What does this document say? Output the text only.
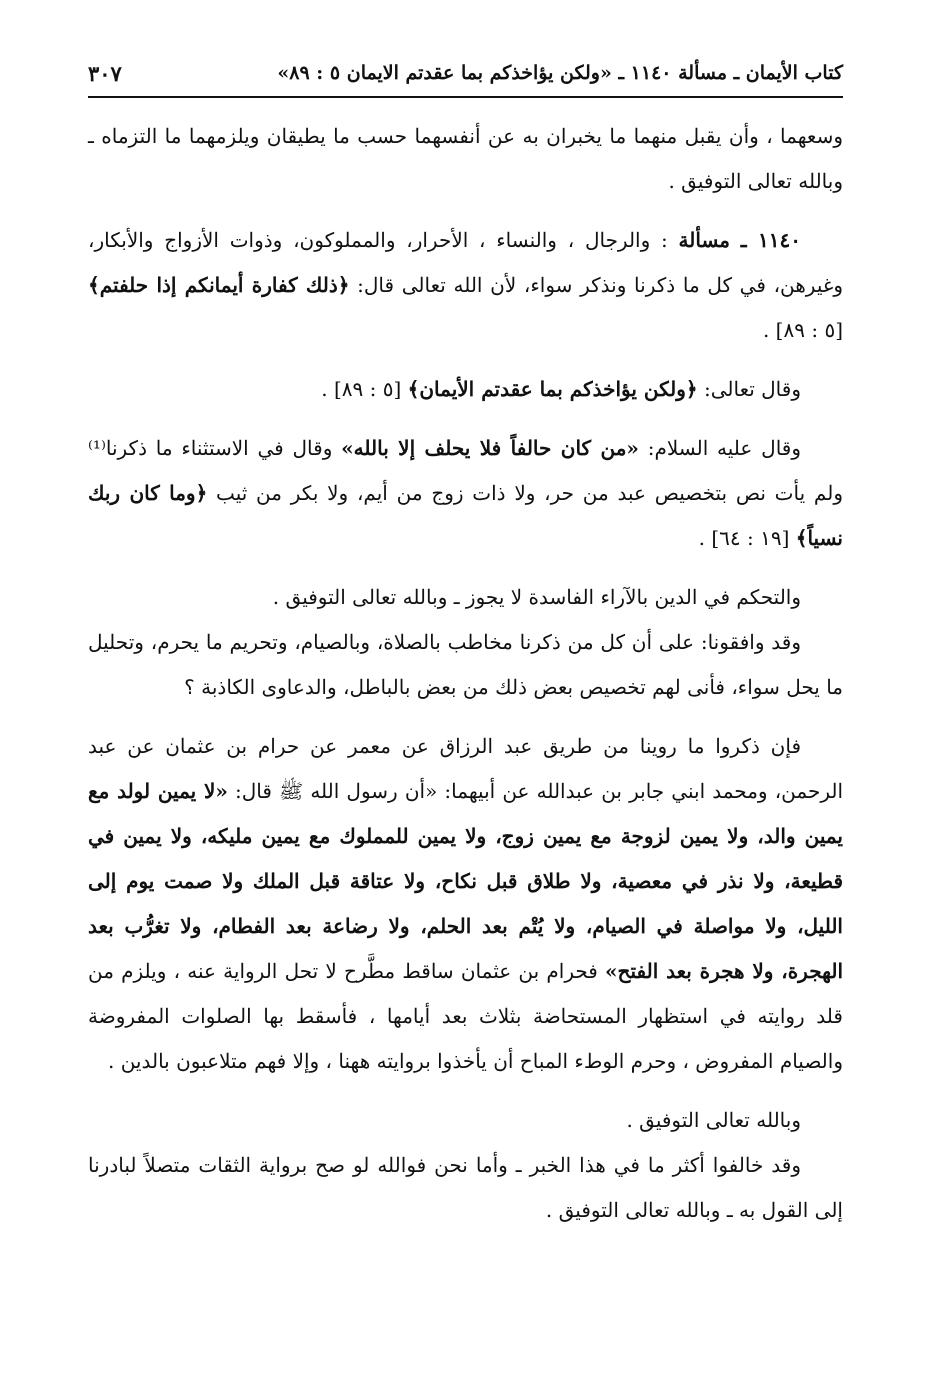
كتاب الأيمان ـ مسألة ١١٤٠ ـ «ولكن يؤاخذكم بما عقدتم الايمان ٥ : ٨٩»
٣٠٧

وسعهما ، وأن يقبل منهما ما يخبران به عن أنفسهما حسب ما يطيقان ويلزمهما ما التزماه ـ وبالله تعالى التوفيق .

١١٤٠ ـ مسألة : والرجال ، والنساء ، الأحرار، والمملوكون، وذوات الأزواج والأبكار، وغيرهن، في كل ما ذكرنا ونذكر سواء، لأن الله تعالى قال: ﴿ذلك كفارة أيمانكم إذا حلفتم﴾ [٥ : ٨٩] .

وقال تعالى: ﴿ولكن يؤاخذكم بما عقدتم الأيمان﴾ [٥ : ٨٩] .

وقال عليه السلام: «من كان حالفاً فلا يحلف إلا بالله» وقال في الاستثناء ما ذكرنا⁽¹⁾ ولم يأت نص بتخصيص عبد من حر، ولا ذات زوج من أيم، ولا بكر من ثيب ﴿وما كان ربك نسياً﴾ [١٩ : ٦٤] .

والتحكم في الدين بالآراء الفاسدة لا يجوز ـ وبالله تعالى التوفيق .

وقد وافقونا: على أن كل من ذكرنا مخاطب بالصلاة، وبالصيام، وتحريم ما يحرم، وتحليل ما يحل سواء، فأنى لهم تخصيص بعض ذلك من بعض بالباطل، والدعاوى الكاذبة ؟

فإن ذكروا ما روينا من طريق عبد الرزاق عن معمر عن حرام بن عثمان عن عبد الرحمن، ومحمد ابني جابر بن عبدالله عن أبيهما: «أن رسول الله ﷺ قال: «لا يمين لولد مع يمين والد، ولا يمين لزوجة مع يمين زوج، ولا يمين للمملوك مع يمين مليكه، ولا يمين في قطيعة، ولا نذر في معصية، ولا طلاق قبل نكاح، ولا عتاقة قبل الملك ولا صمت يوم إلى الليل، ولا مواصلة في الصيام، ولا يُتْم بعد الحلم، ولا رضاعة بعد الفطام، ولا تغرُّب بعد الهجرة، ولا هجرة بعد الفتح» فحرام بن عثمان ساقط مطَّرح لا تحل الرواية عنه ، ويلزم من قلد روايته في استظهار المستحاضة بثلاث بعد أيامها ، فأسقط بها الصلوات المفروضة والصيام المفروض ، وحرم الوطء المباح أن يأخذوا بروايته ههنا ، وإلا فهم متلاعبون بالدين .

وبالله تعالى التوفيق .

وقد خالفوا أكثر ما في هذا الخبر ـ وأما نحن فوالله لو صح برواية الثقات متصلاً لبادرنا إلى القول به ـ وبالله تعالى التوفيق .
